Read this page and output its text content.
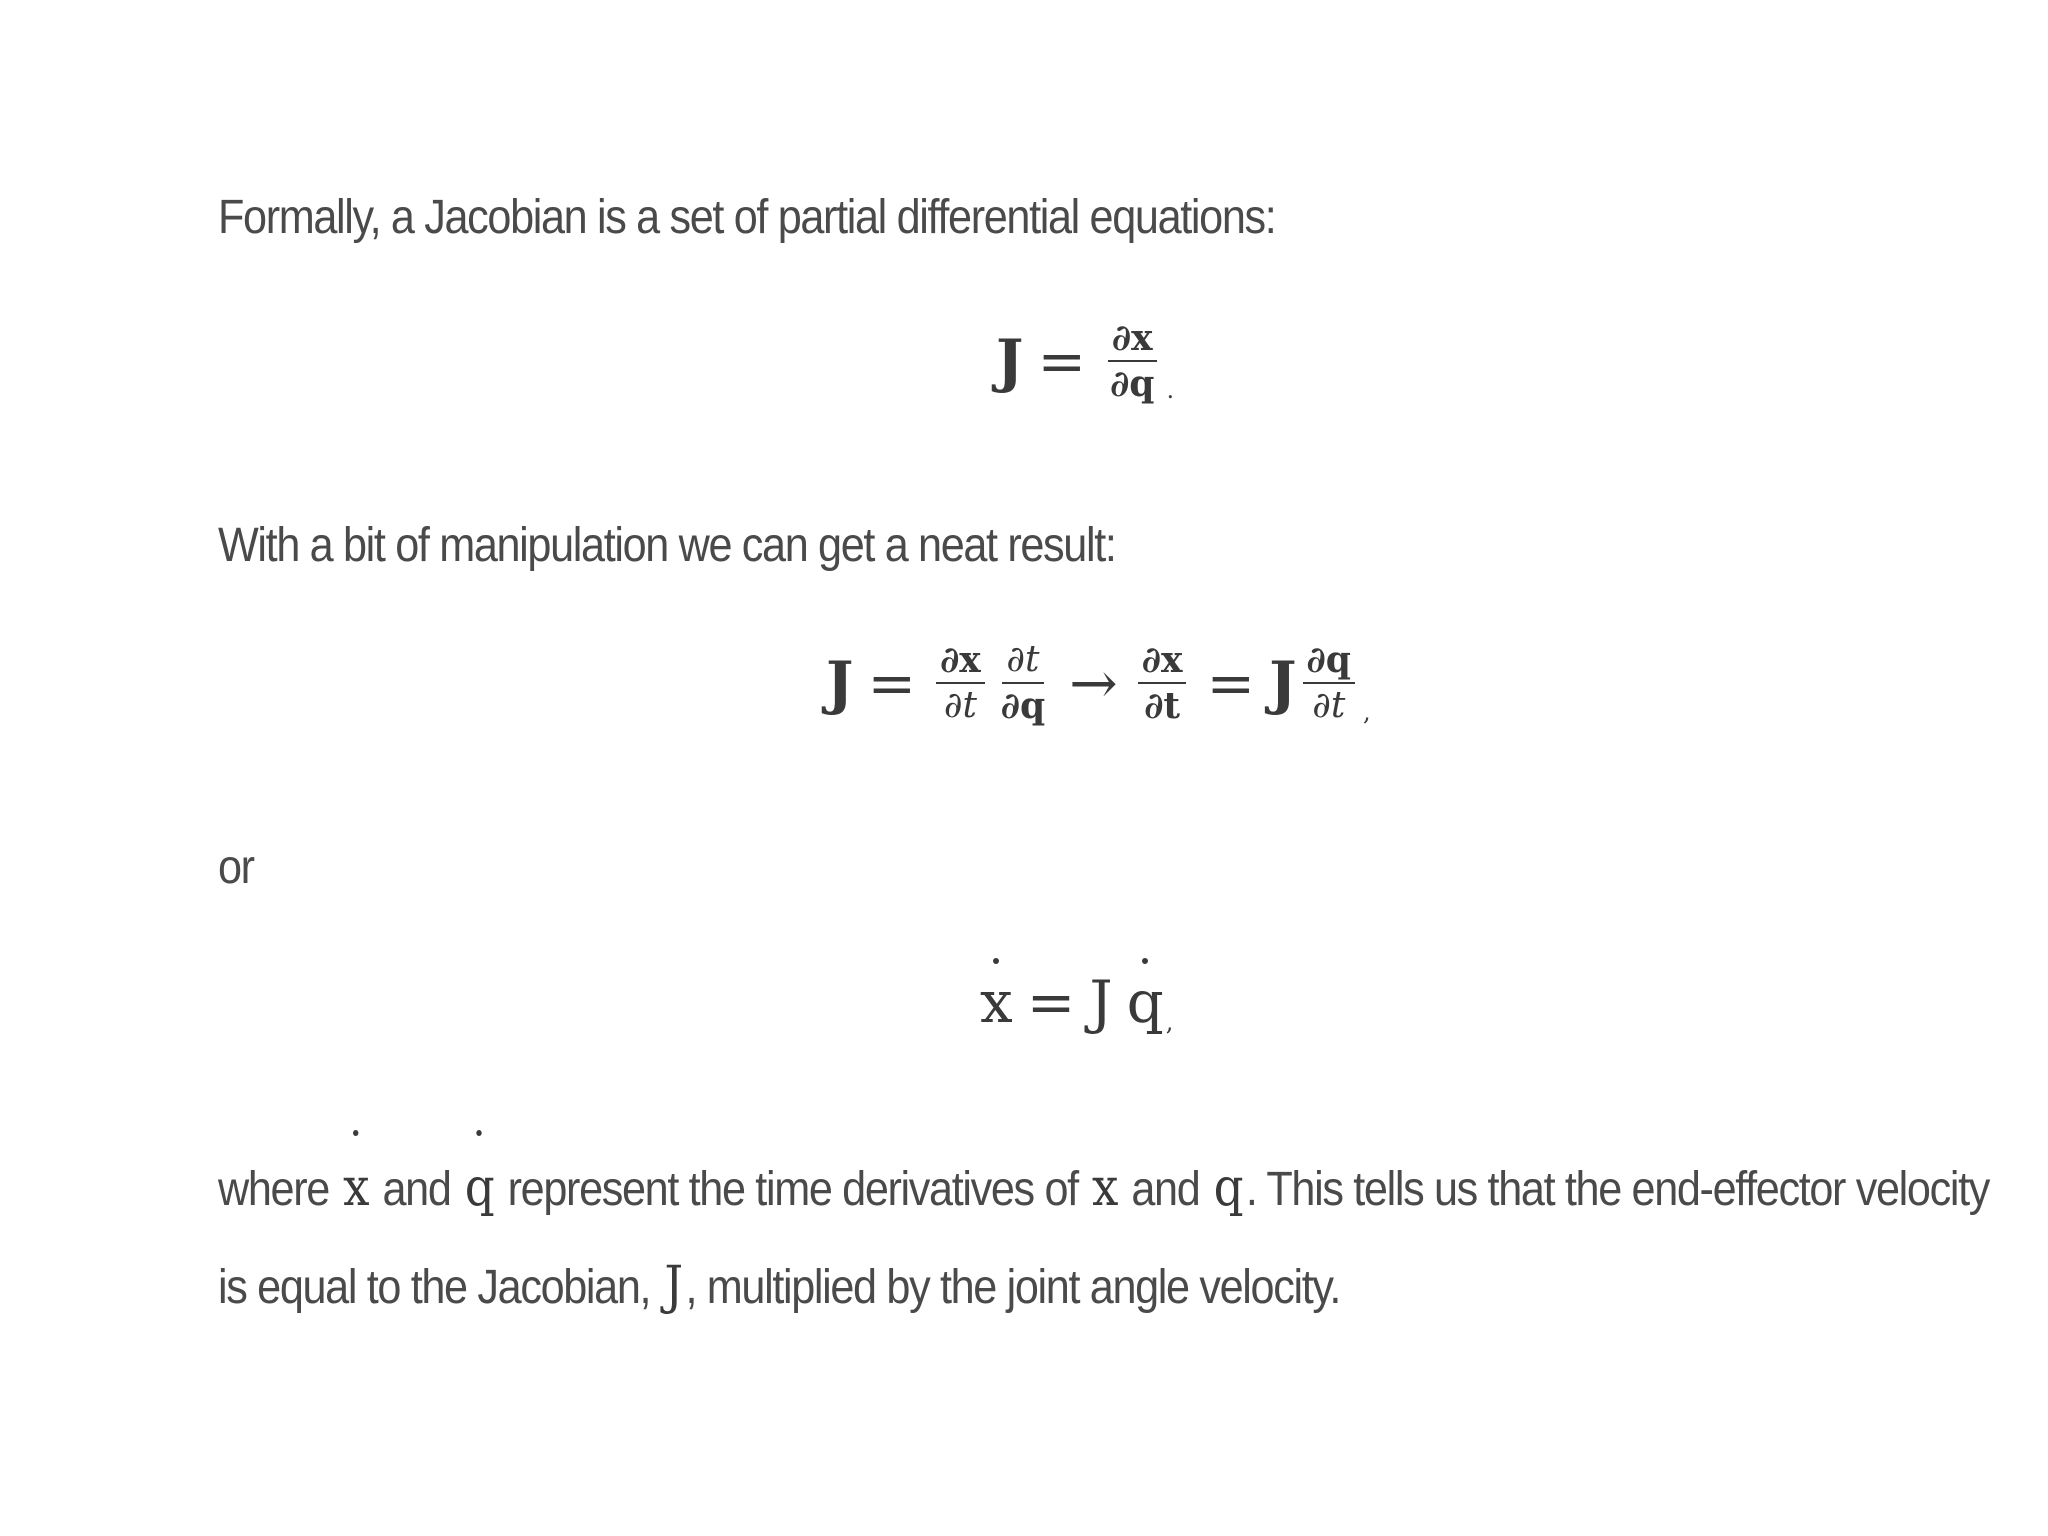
Formally, a Jacobian is a set of partial differential equations:
$J = \frac{\partial x}{\partial q}$ .
With a bit of manipulation we can get a neat result:
$J = \frac{\partial x}{\partial t} \frac{\partial t}{\partial q} \to \frac{\partial x}{\partial t} = J \frac{\partial q}{\partial t}$ ,
or
x = J q ,
where x and q represent the time derivatives of x and q. This tells us that the end-effector velocity
is equal to the Jacobian, J, multiplied by the joint angle velocity.
